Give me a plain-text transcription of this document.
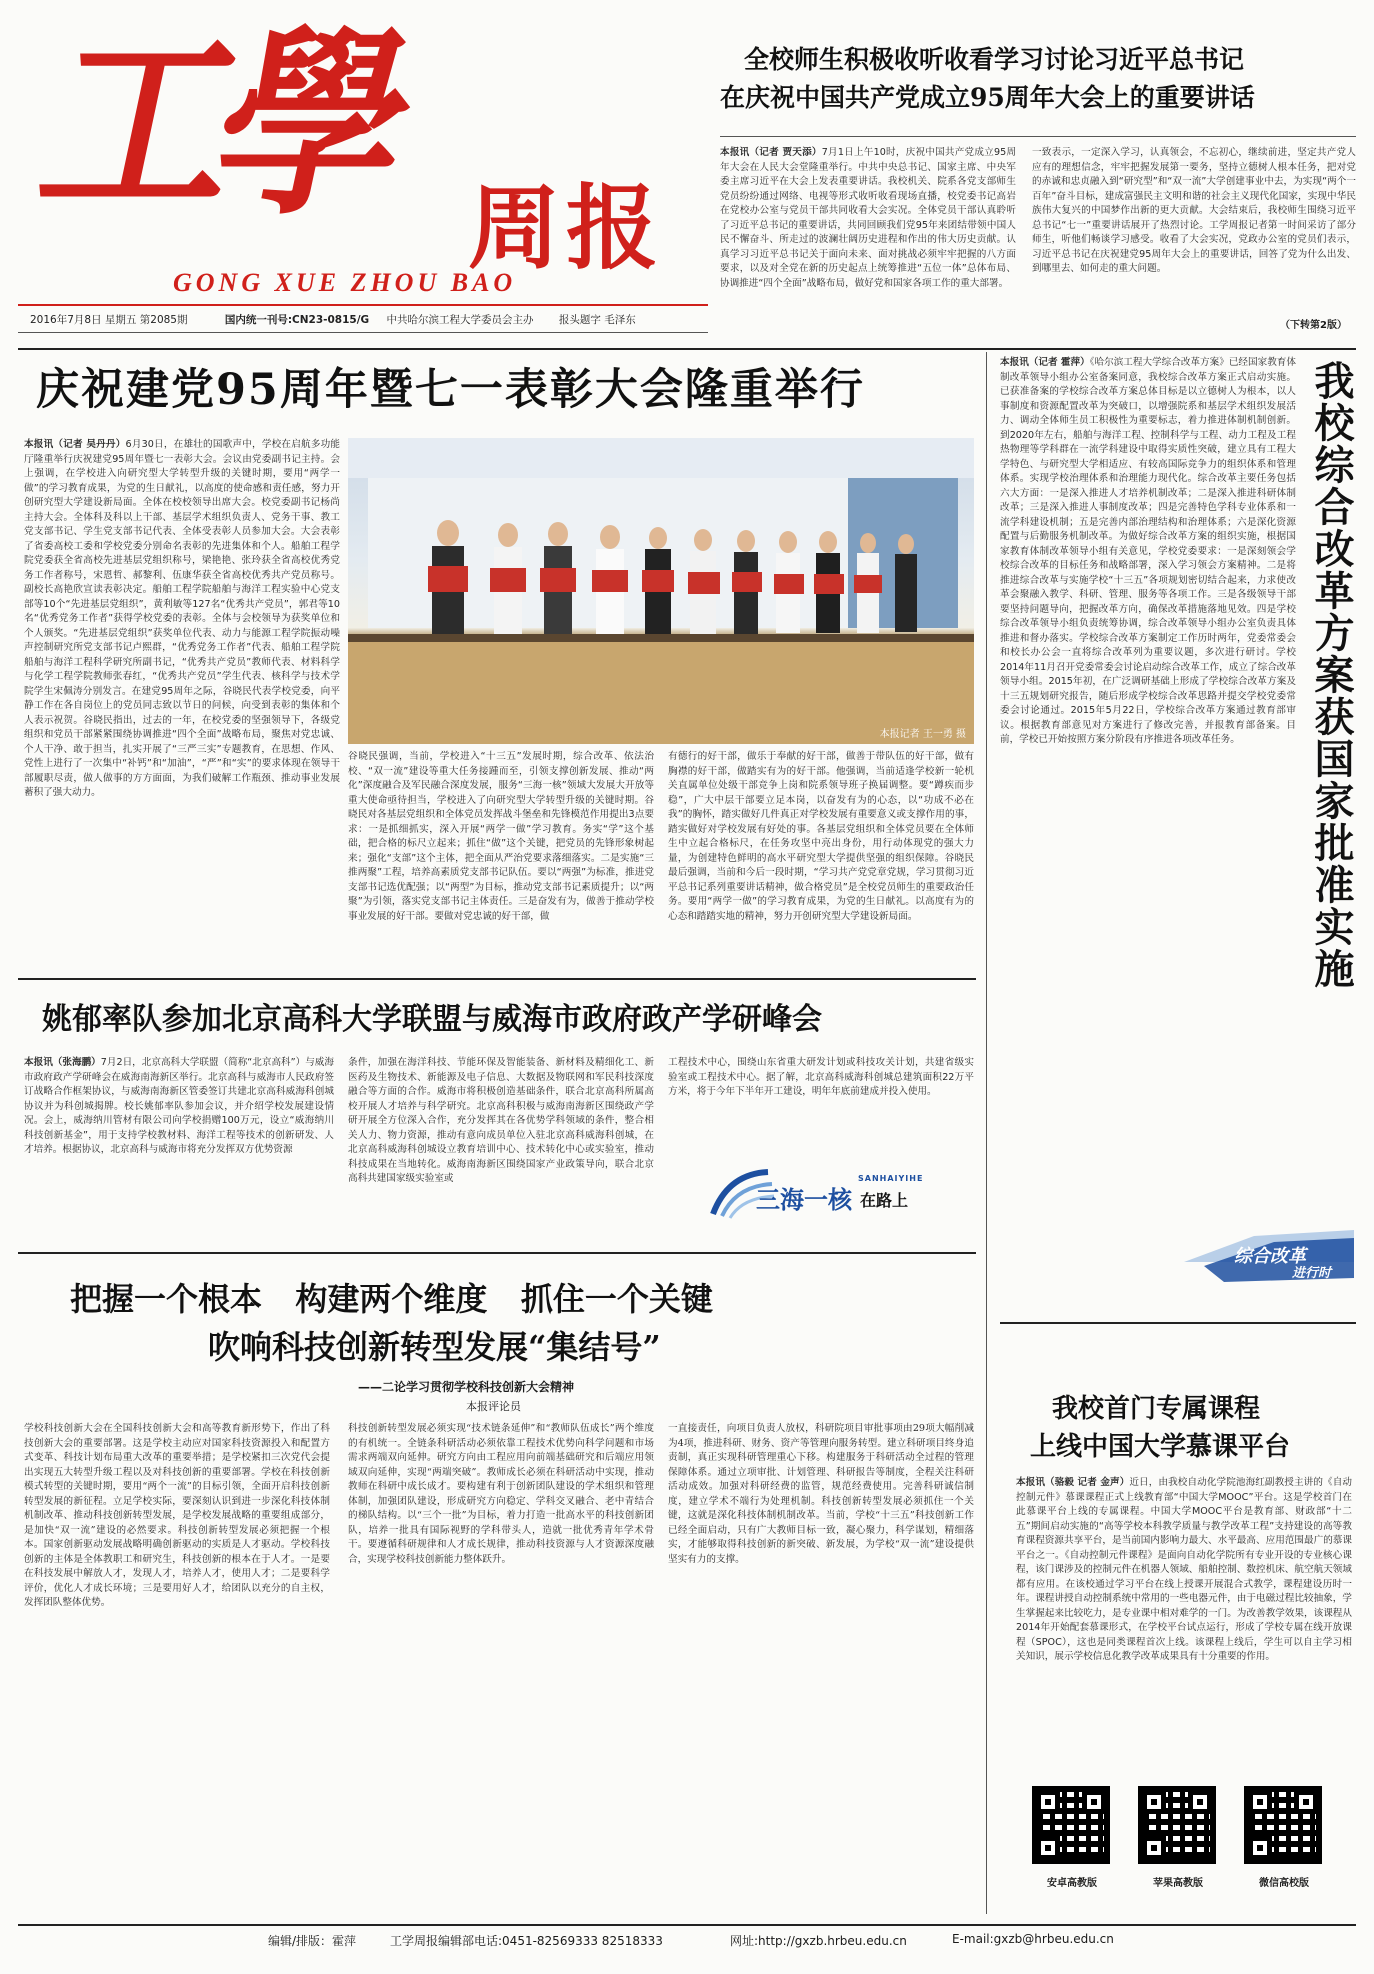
工學 周报
GONG XUE ZHOU BAO
2016年7月8日 星期五 第2085期	国内统一刊号:CN23-0815/G 中共哈尔滨工程大学委员会主办 报头题字 毛泽东
全校师生积极收听收看学习讨论习近平总书记
在庆祝中国共产党成立95周年大会上的重要讲话
本报讯（记者 贾天添）7月1日上午10时，庆祝中国共产党成立95周年大会在人民大会堂隆重举行。中共中央总书记、国家主席、中央军委主席习近平在大会上发表重要讲话。我校机关、院系各党支部师生党员纷纷通过网络、电视等形式收听收看现场直播，校党委书记高岩在党校办公室与党员干部共同收看大会实况。全体党员干部认真聆听了习近平总书记的重要讲话，共同回顾我们党95年来团结带领中国人民不懈奋斗、所走过的波澜壮阔历史进程和作出的伟大历史贡献。认真学习习近平总书记关于面向未来、面对挑战必须牢牢把握的八方面要求，以及对全党在新的历史起点上统筹推进“五位一体”总体布局、协调推进“四个全面”战略布局，做好党和国家各项工作的重大部署。
一致表示，一定深入学习，认真领会，不忘初心，继续前进，坚定共产党人应有的理想信念，牢牢把握发展第一要务，坚持立德树人根本任务，把对党的赤诚和忠贞融入到“研究型”和“双一流”大学创建事业中去，为实现“两个一百年”奋斗目标，建成富强民主文明和谐的社会主义现代化国家，实现中华民族伟大复兴的中国梦作出新的更大贡献。大会结束后，我校师生围绕习近平总书记“七一”重要讲话展开了热烈讨论。工学周报记者第一时间采访了部分师生，听他们畅谈学习感受。收看了大会实况，党政办公室的党员们表示，习近平总书记在庆祝建党95周年大会上的重要讲话，回答了党为什么出发、到哪里去、如何走的重大问题。
（下转第2版）
庆祝建党95周年暨七一表彰大会隆重举行
本报讯（记者 吴丹丹）6月30日，在雄壮的国歌声中，学校在启航多功能厅隆重举行庆祝建党95周年暨七一表彰大会。会议由党委副书记主持。会上强调，在学校进入向研究型大学转型升级的关键时期，要用“两学一做”的学习教育成果，为党的生日献礼，以高度的使命感和责任感，努力开创研究型大学建设新局面。全体在校校领导出席大会。校党委副书记杨尚主持大会。全体科及科以上干部、基层学术组织负责人、党务干事、教工党支部书记、学生党支部书记代表、全体受表彰人员参加大会。大会表彰了省委高校工委和学校党委分别命名表彰的先进集体和个人。船舶工程学院党委获全省高校先进基层党组织称号，梁艳艳、张玲获全省高校优秀党务工作者称号，宋恩哲、郝黎利、伍康华获全省高校优秀共产党员称号。副校长高艳欣宣读表彰决定。船舶工程学院船舶与海洋工程实验中心党支部等10个“先进基层党组织”，黄利敏等127名“优秀共产党员”，郭君等10名“优秀党务工作者”获得学校党委的表彰。全体与会校领导为获奖单位和个人颁奖。“先进基层党组织”获奖单位代表、动力与能源工程学院振动噪声控制研究所党支部书记卢熙群，“优秀党务工作者”代表、船舶工程学院船舶与海洋工程科学研究所副书记，“优秀共产党员”教师代表、材料科学与化学工程学院教师张春红，“优秀共产党员”学生代表、核科学与技术学院学生宋佩涛分别发言。在建党95周年之际，谷晓民代表学校党委，向平静工作在各自岗位上的党员同志致以节日的问候，向受到表彰的集体和个人表示祝贺。谷晓民指出，过去的一年，在校党委的坚强领导下，各级党组织和党员干部紧紧围绕协调推进“四个全面”战略布局，聚焦对党忠诚、个人干净、敢于担当，扎实开展了“三严三实”专题教育，在思想、作风、党性上进行了一次集中“补钙”和“加油”，“严”和“实”的要求体现在领导干部履职尽责，做人做事的方方面面，为我们破解工作瓶颈、推动事业发展蓄积了强大动力。
本报记者 王一勇 摄
谷晓民强调，当前，学校进入“十三五”发展时期，综合改革、依法治校、“双一流”建设等重大任务接踵而至，引领支撑创新发展、推动“两化”深度融合及军民融合深度发展，服务“三海一核”领域大发展大开放等重大使命亟待担当，学校进入了向研究型大学转型升级的关键时期。谷晓民对各基层党组织和全体党员发挥战斗堡垒和先锋模范作用提出3点要求：一是抓细抓实，深入开展“两学一做”学习教育。务实“学”这个基础，把合格的标尺立起来；抓住“做”这个关键，把党员的先锋形象树起来；强化“支部”这个主体，把全面从严治党要求落细落实。二是实施“三推两聚”工程，培养高素质党支部书记队伍。要以“两强”为标准，推进党支部书记选优配强；以“两型”为目标，推动党支部书记素质提升；以“两聚”为引领，落实党支部书记主体责任。三是奋发有为，做善于推动学校事业发展的好干部。要做对党忠诚的好干部，做
有德行的好干部，做乐于奉献的好干部，做善于带队伍的好干部，做有胸襟的好干部，做踏实有为的好干部。他强调，当前适逢学校新一轮机关直属单位处级干部竞争上岗和院系领导班子换届调整。要“蹲疾而步稳”，广大中层干部要立足本岗，以奋发有为的心态，以“功成不必在我”的胸怀，踏实做好几件真正对学校发展有重要意义或支撑作用的事，踏实做好对学校发展有好处的事。各基层党组织和全体党员要在全体师生中立起合格标尺，在任务攻坚中亮出身份，用行动体现党的强大力量，为创建特色鲜明的高水平研究型大学提供坚强的组织保障。谷晓民最后强调，当前和今后一段时期，“学习共产党党章党规，学习贯彻习近平总书记系列重要讲话精神，做合格党员”是全校党员师生的重要政治任务。要用“两学一做”的学习教育成果，为党的生日献礼。以高度有为的心态和踏踏实地的精神，努力开创研究型大学建设新局面。
姚郁率队参加北京高科大学联盟与威海市政府政产学研峰会
本报讯（张海鹏）7月2日，北京高科大学联盟（简称“北京高科”）与威海市政府政产学研峰会在威海南海新区举行。北京高科与威海市人民政府签订战略合作框架协议，与威海南海新区管委签订共建北京高科威海科创城协议并为科创城揭牌。校长姚郁率队参加会议，并介绍学校发展建设情况。会上，威海纳川管材有限公司向学校捐赠100万元，设立“威海纳川科技创新基金”，用于支持学校教材料、海洋工程等技术的创新研发、人才培养。根据协议，北京高科与威海市将充分发挥双方优势资源
条件，加强在海洋科技、节能环保及智能装备、新材料及精细化工、新医药及生物技术、新能源及电子信息、大数据及物联网和军民科技深度融合等方面的合作。威海市将积极创造基础条件，联合北京高科所属高校开展人才培养与科学研究。北京高科积极与威海南海新区围绕政产学研开展全方位深入合作，充分发挥其在各优势学科领域的条件，整合相关人力、物力资源，推动有意向成员单位入驻北京高科威海科创城，在北京高科威海科创城设立教育培训中心、技术转化中心或实验室，推动科技成果在当地转化。威海南海新区围绕国家产业政策导向，联合北京高科共建国家级实验室或
工程技术中心，围绕山东省重大研发计划或科技攻关计划，共建省级实验室或工程技术中心。据了解，北京高科威海科创城总建筑面积22万平方米，将于今年下半年开工建设，明年年底前建成并投入使用。
三海一核 在路上
SANHAIYIHE
把握一个根本   构建两个维度   抓住一个关键
吹响科技创新转型发展“集结号”
——二论学习贯彻学校科技创新大会精神
本报评论员
学校科技创新大会在全国科技创新大会和高等教育新形势下，作出了科技创新大会的重要部署。这是学校主动应对国家科技资源投入和配置方式变革、科技计划布局重大改革的重要举措；是学校紧扣三次党代会提出实现五大转型升级工程以及对科技创新的重要部署。学校在科技创新模式转型的关键时期，要用“两个一流”的目标引领，全面开启科技创新转型发展的新征程。立足学校实际，要深刻认识到进一步深化科技体制机制改革、推动科技创新转型发展，是学校发展战略的重要组成部分，是加快“双一流”建设的必然要求。科技创新转型发展必须把握一个根本。国家创新驱动发展战略明确创新驱动的实质是人才驱动。学校科技创新的主体是全体教职工和研究生，科技创新的根本在于人才。一是要在科技发展中解放人才，发现人才，培养人才，使用人才；二是要科学评价，优化人才成长环境；三是要用好人才，给团队以充分的自主权，发挥团队整体优势。
科技创新转型发展必须实现“技术链条延伸”和“教师队伍成长”两个维度的有机统一。全链条科研活动必须依靠工程技术优势向科学问题和市场需求两端双向延伸。研究方向由工程应用向前端基础研究和后端应用领域双向延伸，实现“两端突破”。教师成长必须在科研活动中实现，推动教师在科研中成长成才。要构建有利于创新团队建设的学术组织和管理体制，加强团队建设，形成研究方向稳定、学科交叉融合、老中青结合的梯队结构。以“三个一批”为目标，着力打造一批高水平的科技创新团队，培养一批具有国际视野的学科带头人，造就一批优秀青年学术骨干。要遵循科研规律和人才成长规律，推动科技资源与人才资源深度融合，实现学校科技创新能力整体跃升。
一直接责任，向项目负责人放权，科研院项目审批事项由29项大幅削减为4项，推进科研、财务、资产等管理向服务转型。建立科研项目终身追责制，真正实现科研管理重心下移。构建服务于科研活动全过程的管理保障体系。通过立项审批、计划管理、科研报告等制度，全程关注科研活动成效。加强对科研经费的监管，规范经费使用。完善科研诚信制度，建立学术不端行为处理机制。科技创新转型发展必须抓住一个关键，这就是深化科技体制机制改革。当前，学校“十三五”科技创新工作已经全面启动，只有广大教师目标一致，凝心聚力，科学谋划，精细落实，才能够取得科技创新的新突破、新发展，为学校“双一流”建设提供坚实有力的支撑。
本报讯（记者 霍萍）《哈尔滨工程大学综合改革方案》已经国家教育体制改革领导小组办公室备案同意，我校综合改革方案正式启动实施。已获准备案的学校综合改革方案总体目标是以立德树人为根本，以人事制度和资源配置改革为突破口，以增强院系和基层学术组织发展活力、调动全体师生员工积极性为重要标志，着力推进体制机制创新。到2020年左右，船舶与海洋工程、控制科学与工程、动力工程及工程热物理等学科群在一流学科建设中取得实质性突破，建立具有工程大学特色、与研究型大学相适应、有较高国际竞争力的组织体系和管理体系。实现学校治理体系和治理能力现代化。综合改革主要任务包括六大方面：一是深入推进人才培养机制改革；二是深入推进科研体制改革；三是深入推进人事制度改革；四是完善特色学科专业体系和一流学科建设机制；五是完善内部治理结构和治理体系；六是深化资源配置与后勤服务机制改革。为做好综合改革方案的组织实施，根据国家教育体制改革领导小组有关意见，学校党委要求：一是深刻领会学校综合改革的目标任务和战略部署，深入学习领会方案精神。二是将推进综合改革与实施学校“十三五”各项规划密切结合起来，力求使改革会聚融入教学、科研、管理、服务等各项工作。三是各级领导干部要坚持问题导向，把握改革方向，确保改革措施落地见效。四是学校综合改革领导小组负责统筹协调，综合改革领导小组办公室负责具体推进和督办落实。学校综合改革方案制定工作历时两年，党委常委会和校长办公会一直将综合改革列为重要议题，多次进行研讨。学校2014年11月召开党委常委会讨论启动综合改革工作，成立了综合改革领导小组。2015年初，在广泛调研基础上形成了学校综合改革方案及十三五规划研究报告，随后形成学校综合改革思路并提交学校党委常委会讨论通过。2015年5月22日，学校综合改革方案通过教育部审议。根据教育部意见对方案进行了修改完善，并报教育部备案。目前，学校已开始按照方案分阶段有序推进各项改革任务。	我校综合改革方案获国家批准实施
综合改革
进行时
我校首门专属课程
上线中国大学慕课平台
本报讯（骆毅 记者 金声）近日，由我校自动化学院池海红副教授主讲的《自动控制元件》慕课课程正式上线教育部“中国大学MOOC”平台。这是学校首门在此慕课平台上线的专属课程。中国大学MOOC平台是教育部、财政部“十二五”期间启动实施的“高等学校本科教学质量与教学改革工程”支持建设的高等教育课程资源共享平台，是当前国内影响力最大、水平最高、应用范围最广的慕课平台之一。《自动控制元件课程》是面向自动化学院所有专业开设的专业核心课程，该门课涉及的控制元件在机器人领域、船舶控制、数控机床、航空航天领域都有应用。在该校通过学习平台在线上授课开展混合式教学，课程建设历时一年。课程讲授自动控制系统中常用的一些电器元件，由于电磁过程比较抽象，学生掌握起来比较吃力，是专业课中相对难学的一门。为改善教学效果，该课程从2014年开始配套慕课形式，在学校平台试点运行，形成了学校专属在线开放课程（SPOC），这也是同类课程首次上线。该课程上线后，学生可以自主学习相关知识，展示学校信息化教学改革成果具有十分重要的作用。
安卓高教版	苹果高教版	微信高校版
编辑/排版：霍萍	工学周报编辑部电话:0451-82569333 82518333	网址:http://gxzb.hrbeu.edu.cn	E-mail:gxzb@hrbeu.edu.cn
